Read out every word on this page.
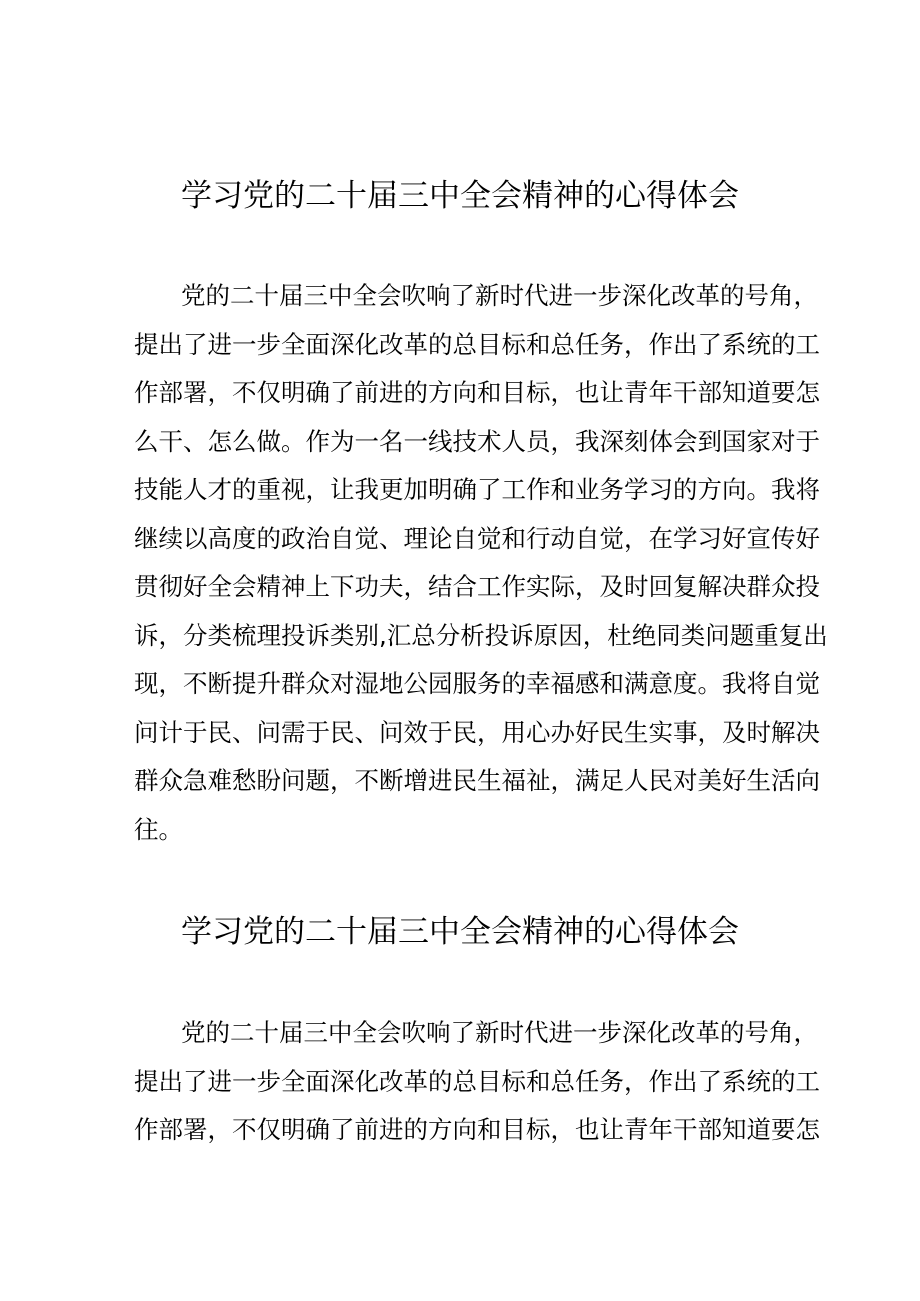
学习党的二十届三中全会精神的心得体会
党的二十届三中全会吹响了新时代进一步深化改革的号角，
提出了进一步全面深化改革的总目标和总任务，作出了系统的工
作部署，不仅明确了前进的方向和目标，也让青年干部知道要怎
么干、怎么做。作为一名一线技术人员，我深刻体会到国家对于
技能人才的重视，让我更加明确了工作和业务学习的方向。我将
继续以高度的政治自觉、理论自觉和行动自觉，在学习好宣传好
贯彻好全会精神上下功夫，结合工作实际，及时回复解决群众投
诉，分类梳理投诉类别,汇总分析投诉原因，杜绝同类问题重复出
现，不断提升群众对湿地公园服务的幸福感和满意度。我将自觉
问计于民、问需于民、问效于民，用心办好民生实事，及时解决
群众急难愁盼问题，不断增进民生福祉，满足人民对美好生活向
往。
学习党的二十届三中全会精神的心得体会
党的二十届三中全会吹响了新时代进一步深化改革的号角，
提出了进一步全面深化改革的总目标和总任务，作出了系统的工
作部署，不仅明确了前进的方向和目标，也让青年干部知道要怎
